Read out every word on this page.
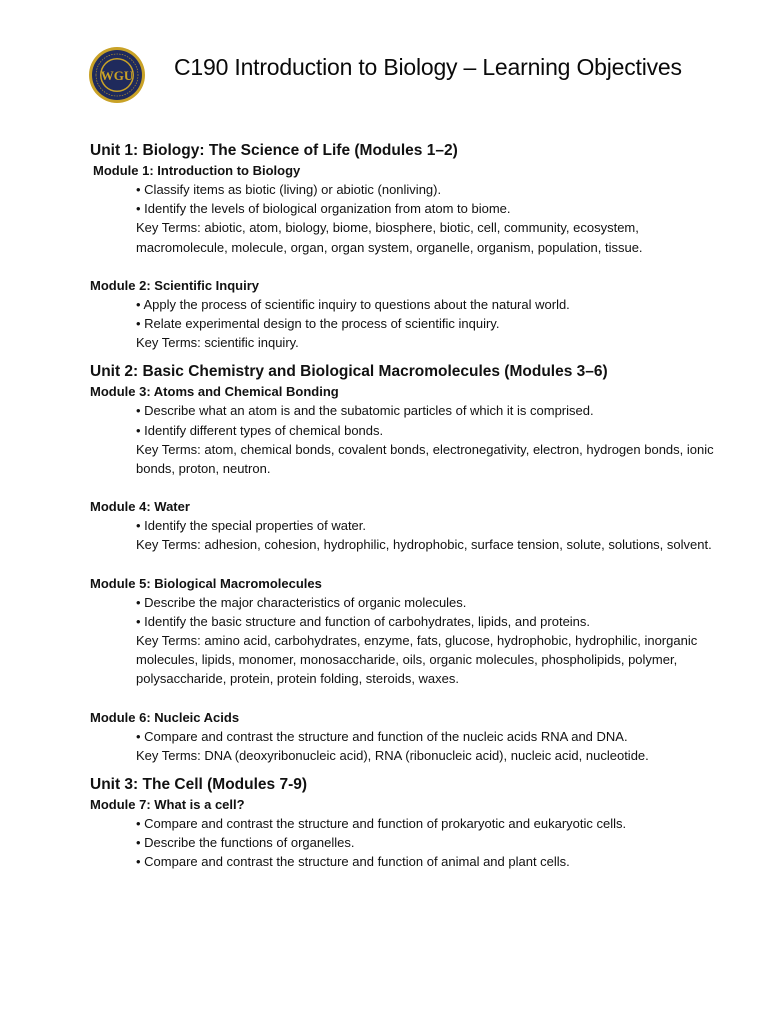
WGU C190 Introduction to Biology – Learning Objectives

Unit 1: Biology: The Science of Life (Modules 1–2)

Module 1: Introduction to Biology

• Classify items as biotic (living) or abiotic (nonliving).

• Identify the levels of biological organization from atom to biome.

Key Terms: abiotic, atom, biology, biome, biosphere, biotic, cell, community, ecosystem, macromolecule, molecule, organ, organ system, organelle, organism, population, tissue.

Module 2: Scientific Inquiry

• Apply the process of scientific inquiry to questions about the natural world.

• Relate experimental design to the process of scientific inquiry.

Key Terms: scientific inquiry.

Unit 2: Basic Chemistry and Biological Macromolecules (Modules 3–6)

Module 3: Atoms and Chemical Bonding

• Describe what an atom is and the subatomic particles of which it is comprised.

• Identify different types of chemical bonds.

Key Terms: atom, chemical bonds, covalent bonds, electronegativity, electron, hydrogen bonds, ionic bonds, proton, neutron.

Module 4: Water

• Identify the special properties of water.

Key Terms: adhesion, cohesion, hydrophilic, hydrophobic, surface tension, solute, solutions, solvent.

Module 5: Biological Macromolecules

• Describe the major characteristics of organic molecules.

• Identify the basic structure and function of carbohydrates, lipids, and proteins.

Key Terms: amino acid, carbohydrates, enzyme, fats, glucose, hydrophobic, hydrophilic, inorganic molecules, lipids, monomer, monosaccharide, oils, organic molecules, phospholipids, polymer, polysaccharide, protein, protein folding, steroids, waxes.

Module 6: Nucleic Acids

• Compare and contrast the structure and function of the nucleic acids RNA and DNA.

Key Terms: DNA (deoxyribonucleic acid), RNA (ribonucleic acid), nucleic acid, nucleotide.

Unit 3: The Cell (Modules 7-9)

Module 7: What is a cell?

• Compare and contrast the structure and function of prokaryotic and eukaryotic cells.

• Describe the functions of organelles.

• Compare and contrast the structure and function of animal and plant cells.
